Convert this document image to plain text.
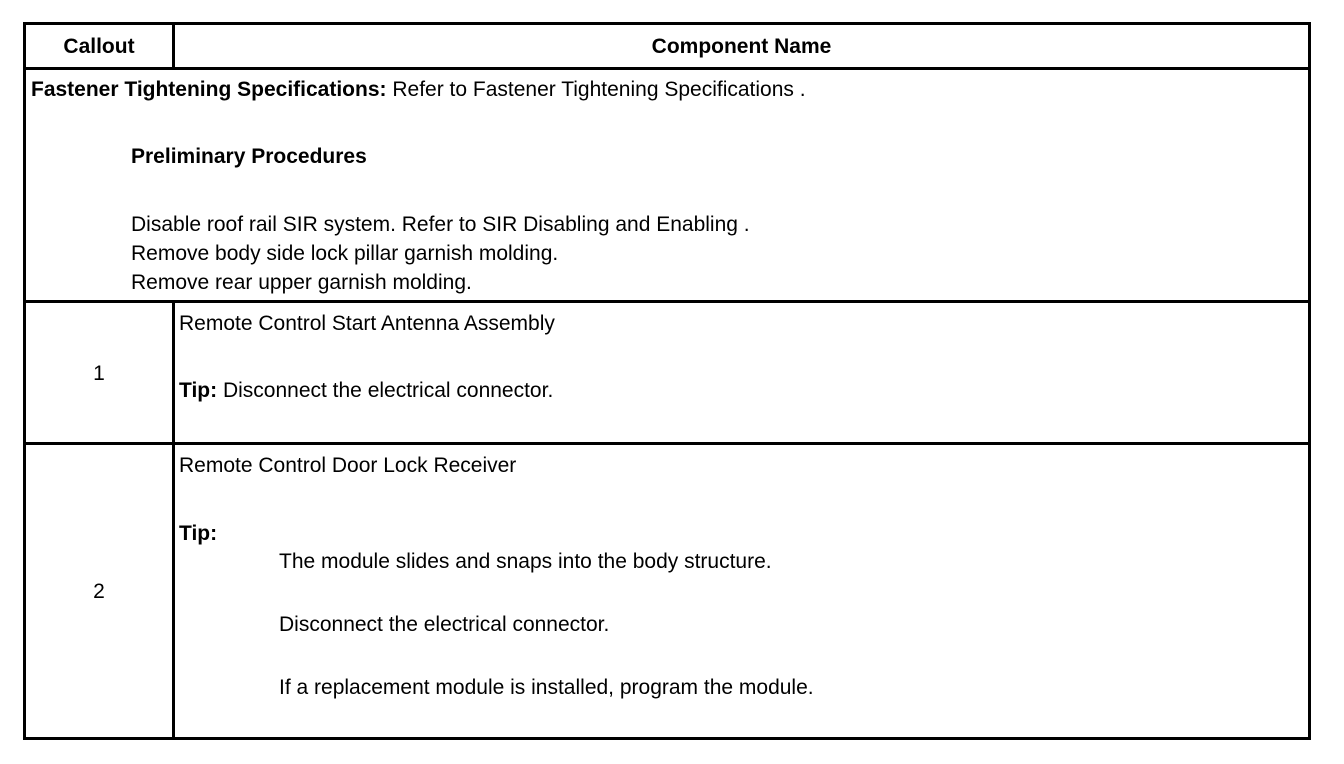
Callout	Component Name
Fastener Tightening Specifications: Refer to Fastener Tightening Specifications .
Preliminary Procedures
Disable roof rail SIR system. Refer to SIR Disabling and Enabling .
Remove body side lock pillar garnish molding.
Remove rear upper garnish molding.
1
Remote Control Start Antenna Assembly
Tip: Disconnect the electrical connector.
2
Remote Control Door Lock Receiver
Tip:
The module slides and snaps into the body structure.
Disconnect the electrical connector.
If a replacement module is installed, program the module.
